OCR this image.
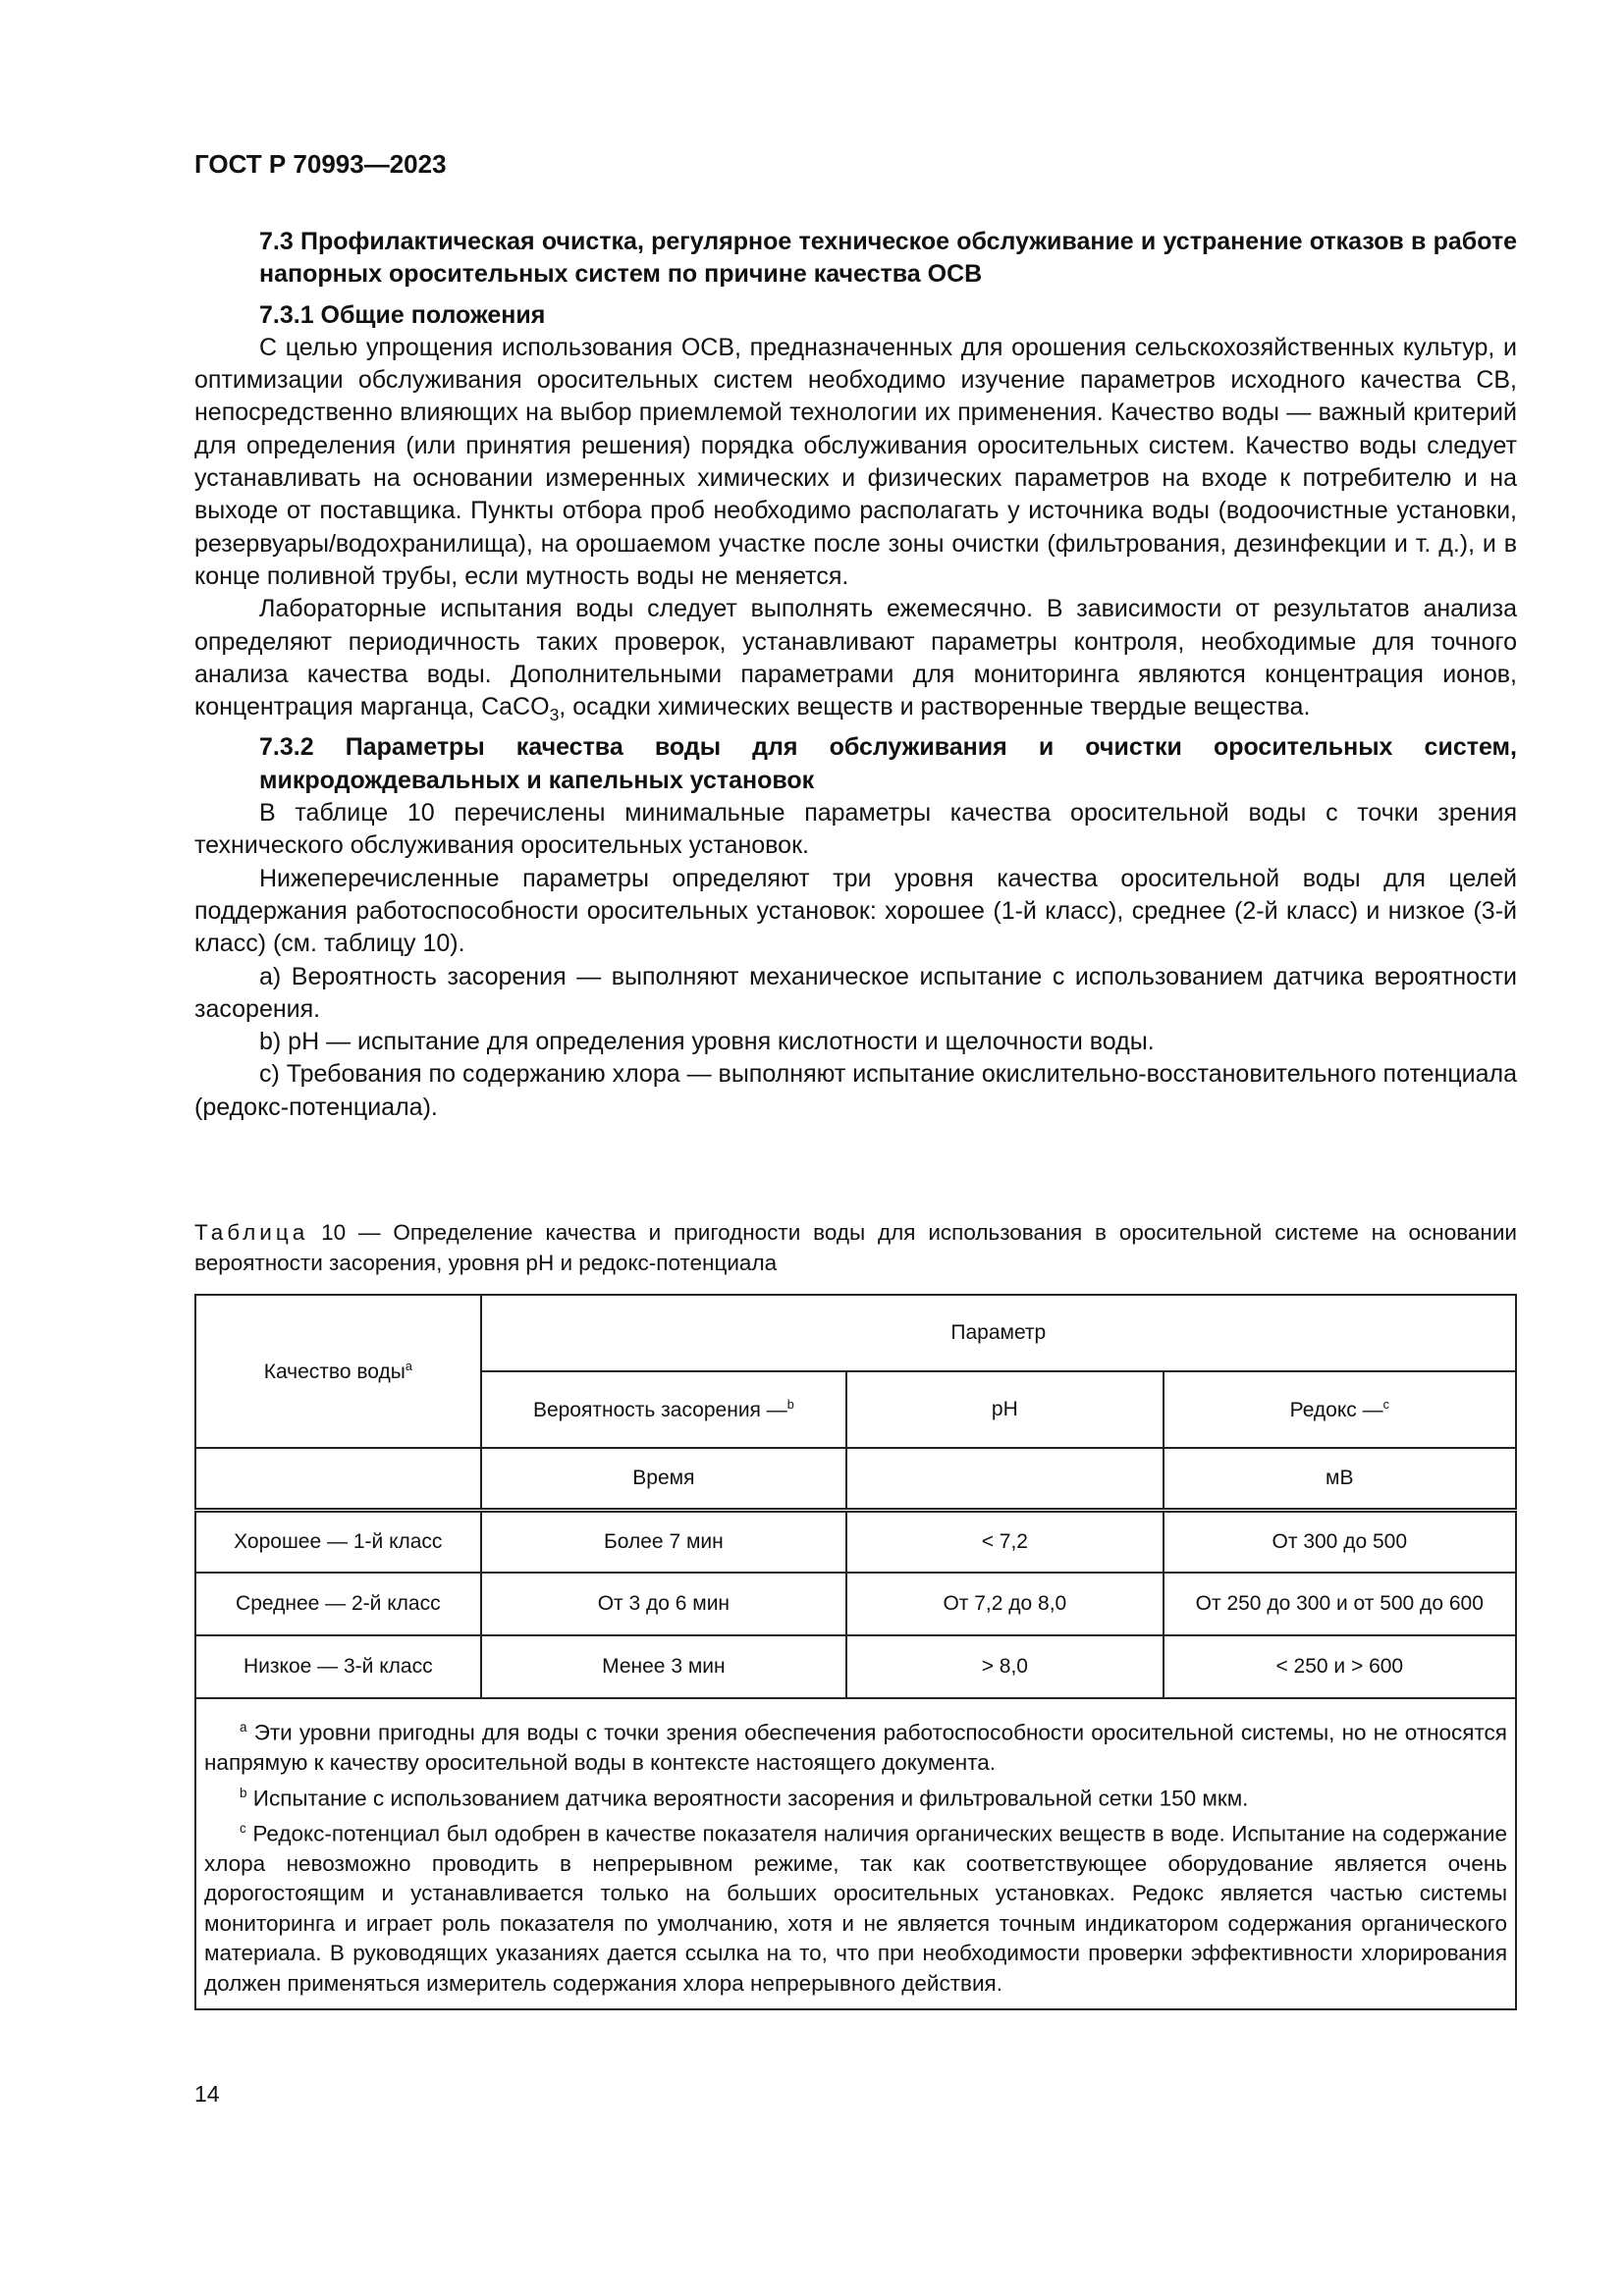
ГОСТ Р 70993—2023
7.3 Профилактическая очистка, регулярное техническое обслуживание и устранение отказов в работе напорных оросительных систем по причине качества ОСВ
7.3.1 Общие положения
С целью упрощения использования ОСВ, предназначенных для орошения сельскохозяйственных культур, и оптимизации обслуживания оросительных систем необходимо изучение параметров исходного качества СВ, непосредственно влияющих на выбор приемлемой технологии их применения. Качество воды — важный критерий для определения (или принятия решения) порядка обслуживания оросительных систем. Качество воды следует устанавливать на основании измеренных химических и физических параметров на входе к потребителю и на выходе от поставщика. Пункты отбора проб необходимо располагать у источника воды (водоочистные установки, резервуары/водохранилища), на орошаемом участке после зоны очистки (фильтрования, дезинфекции и т. д.), и в конце поливной трубы, если мутность воды не меняется.
Лабораторные испытания воды следует выполнять ежемесячно. В зависимости от результатов анализа определяют периодичность таких проверок, устанавливают параметры контроля, необходимые для точного анализа качества воды. Дополнительными параметрами для мониторинга являются концентрация ионов, концентрация марганца, CaCO$_3$, осадки химических веществ и растворенные твердые вещества.
7.3.2 Параметры качества воды для обслуживания и очистки оросительных систем, микродождевальных и капельных установок
В таблице 10 перечислены минимальные параметры качества оросительной воды с точки зрения технического обслуживания оросительных установок.
Нижеперечисленные параметры определяют три уровня качества оросительной воды для целей поддержания работоспособности оросительных установок: хорошее (1-й класс), среднее (2-й класс) и низкое (3-й класс) (см. таблицу 10).
a) Вероятность засорения — выполняют механическое испытание с использованием датчика вероятности засорения.
b) pH — испытание для определения уровня кислотности и щелочности воды.
c) Требования по содержанию хлора — выполняют испытание окислительно-восстановительного потенциала (редокс-потенциала).
Таблица 10 — Определение качества и пригодности воды для использования в оросительной системе на основании вероятности засорения, уровня pH и редокс-потенциала
Качество воды$^a$	Параметр		
	Вероятность засорения —$^b$	pH	Редокс —$^c$
	Время		мВ
Хорошее — 1-й класс	Более 7 мин	< 7,2	От 300 до 500
Среднее — 2-й класс	От 3 до 6 мин	От 7,2 до 8,0	От 250 до 300 и от 500 до 600
Низкое — 3-й класс	Менее 3 мин	> 8,0	< 250 и > 600

$^a$ Эти уровни пригодны для воды с точки зрения обеспечения работоспособности оросительной системы, но не относятся напрямую к качеству оросительной воды в контексте настоящего документа.
$^b$ Испытание с использованием датчика вероятности засорения и фильтровальной сетки 150 мкм.
$^c$ Редокс-потенциал был одобрен в качестве показателя наличия органических веществ в воде. Испытание на содержание хлора невозможно проводить в непрерывном режиме, так как соответствующее оборудование является очень дорогостоящим и устанавливается только на больших оросительных установках. Редокс является частью системы мониторинга и играет роль показателя по умолчанию, хотя и не является точным индикатором содержания органического материала. В руководящих указаниях дается ссылка на то, что при необходимости проверки эффективности хлорирования должен применяться измеритель содержания хлора непрерывного действия.			
14
